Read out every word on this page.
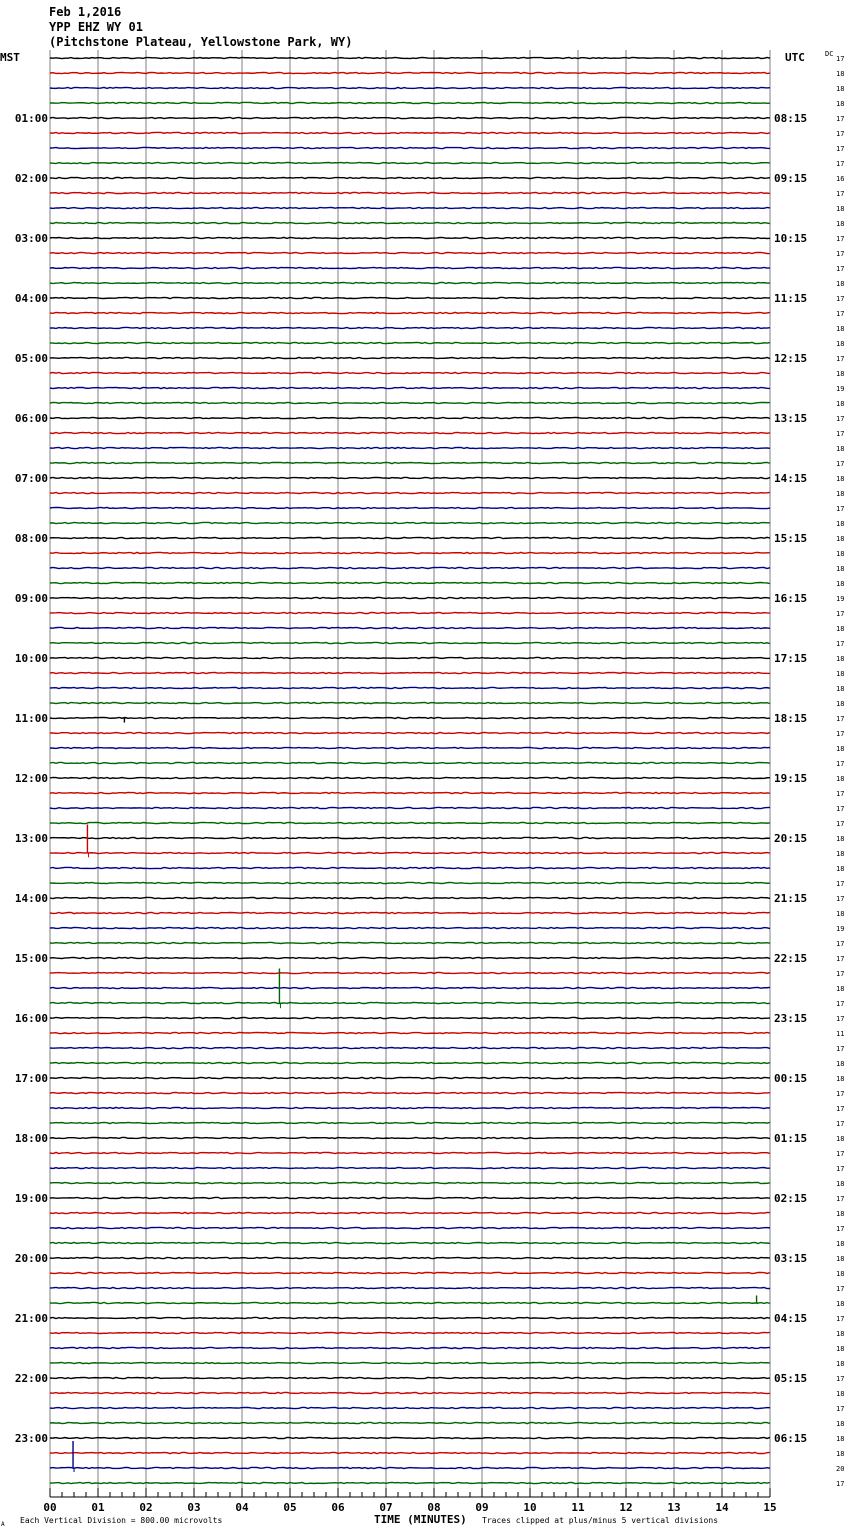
Feb 1,2016
YPP EHZ WY 01
(Pitchstone Plateau, Yellowstone Park, WY)
MST	UTC	DC
01:00
02:00
03:00
04:00
05:00
06:00
07:00
08:00
09:00
10:00
11:00
12:00
13:00
14:00
15:00
16:00
17:00
18:00
19:00
20:00
21:00
22:00
23:00
08:15
09:15
10:15
11:15
12:15
13:15
14:15
15:15
16:15
17:15
18:15
19:15
20:15
21:15
22:15
23:15
00:15
01:15
02:15
03:15
04:15
05:15
06:15
17
18
18
18
17
17
17
17
16
17
18
18
17
17
17
18
17
17
18
18
17
18
19
18
17
17
18
17
18
18
17
18
18
18
18
18
19
17
18
17
18
18
18
18
17
17
18
17
18
17
17
17
18
18
18
17
17
18
19
17
17
17
18
17
17
11
17
18
18
17
17
17
18
17
17
18
17
18
17
18
18
18
17
18
17
18
18
18
17
18
17
18
18
18
20
17
00	01	02	03	04	05	06	07	08	09	10	11	12	13	14	15
TIME (MINUTES)
A Each Vertical Division = 800.00 microvolts	Traces clipped at plus/minus 5 vertical divisions
